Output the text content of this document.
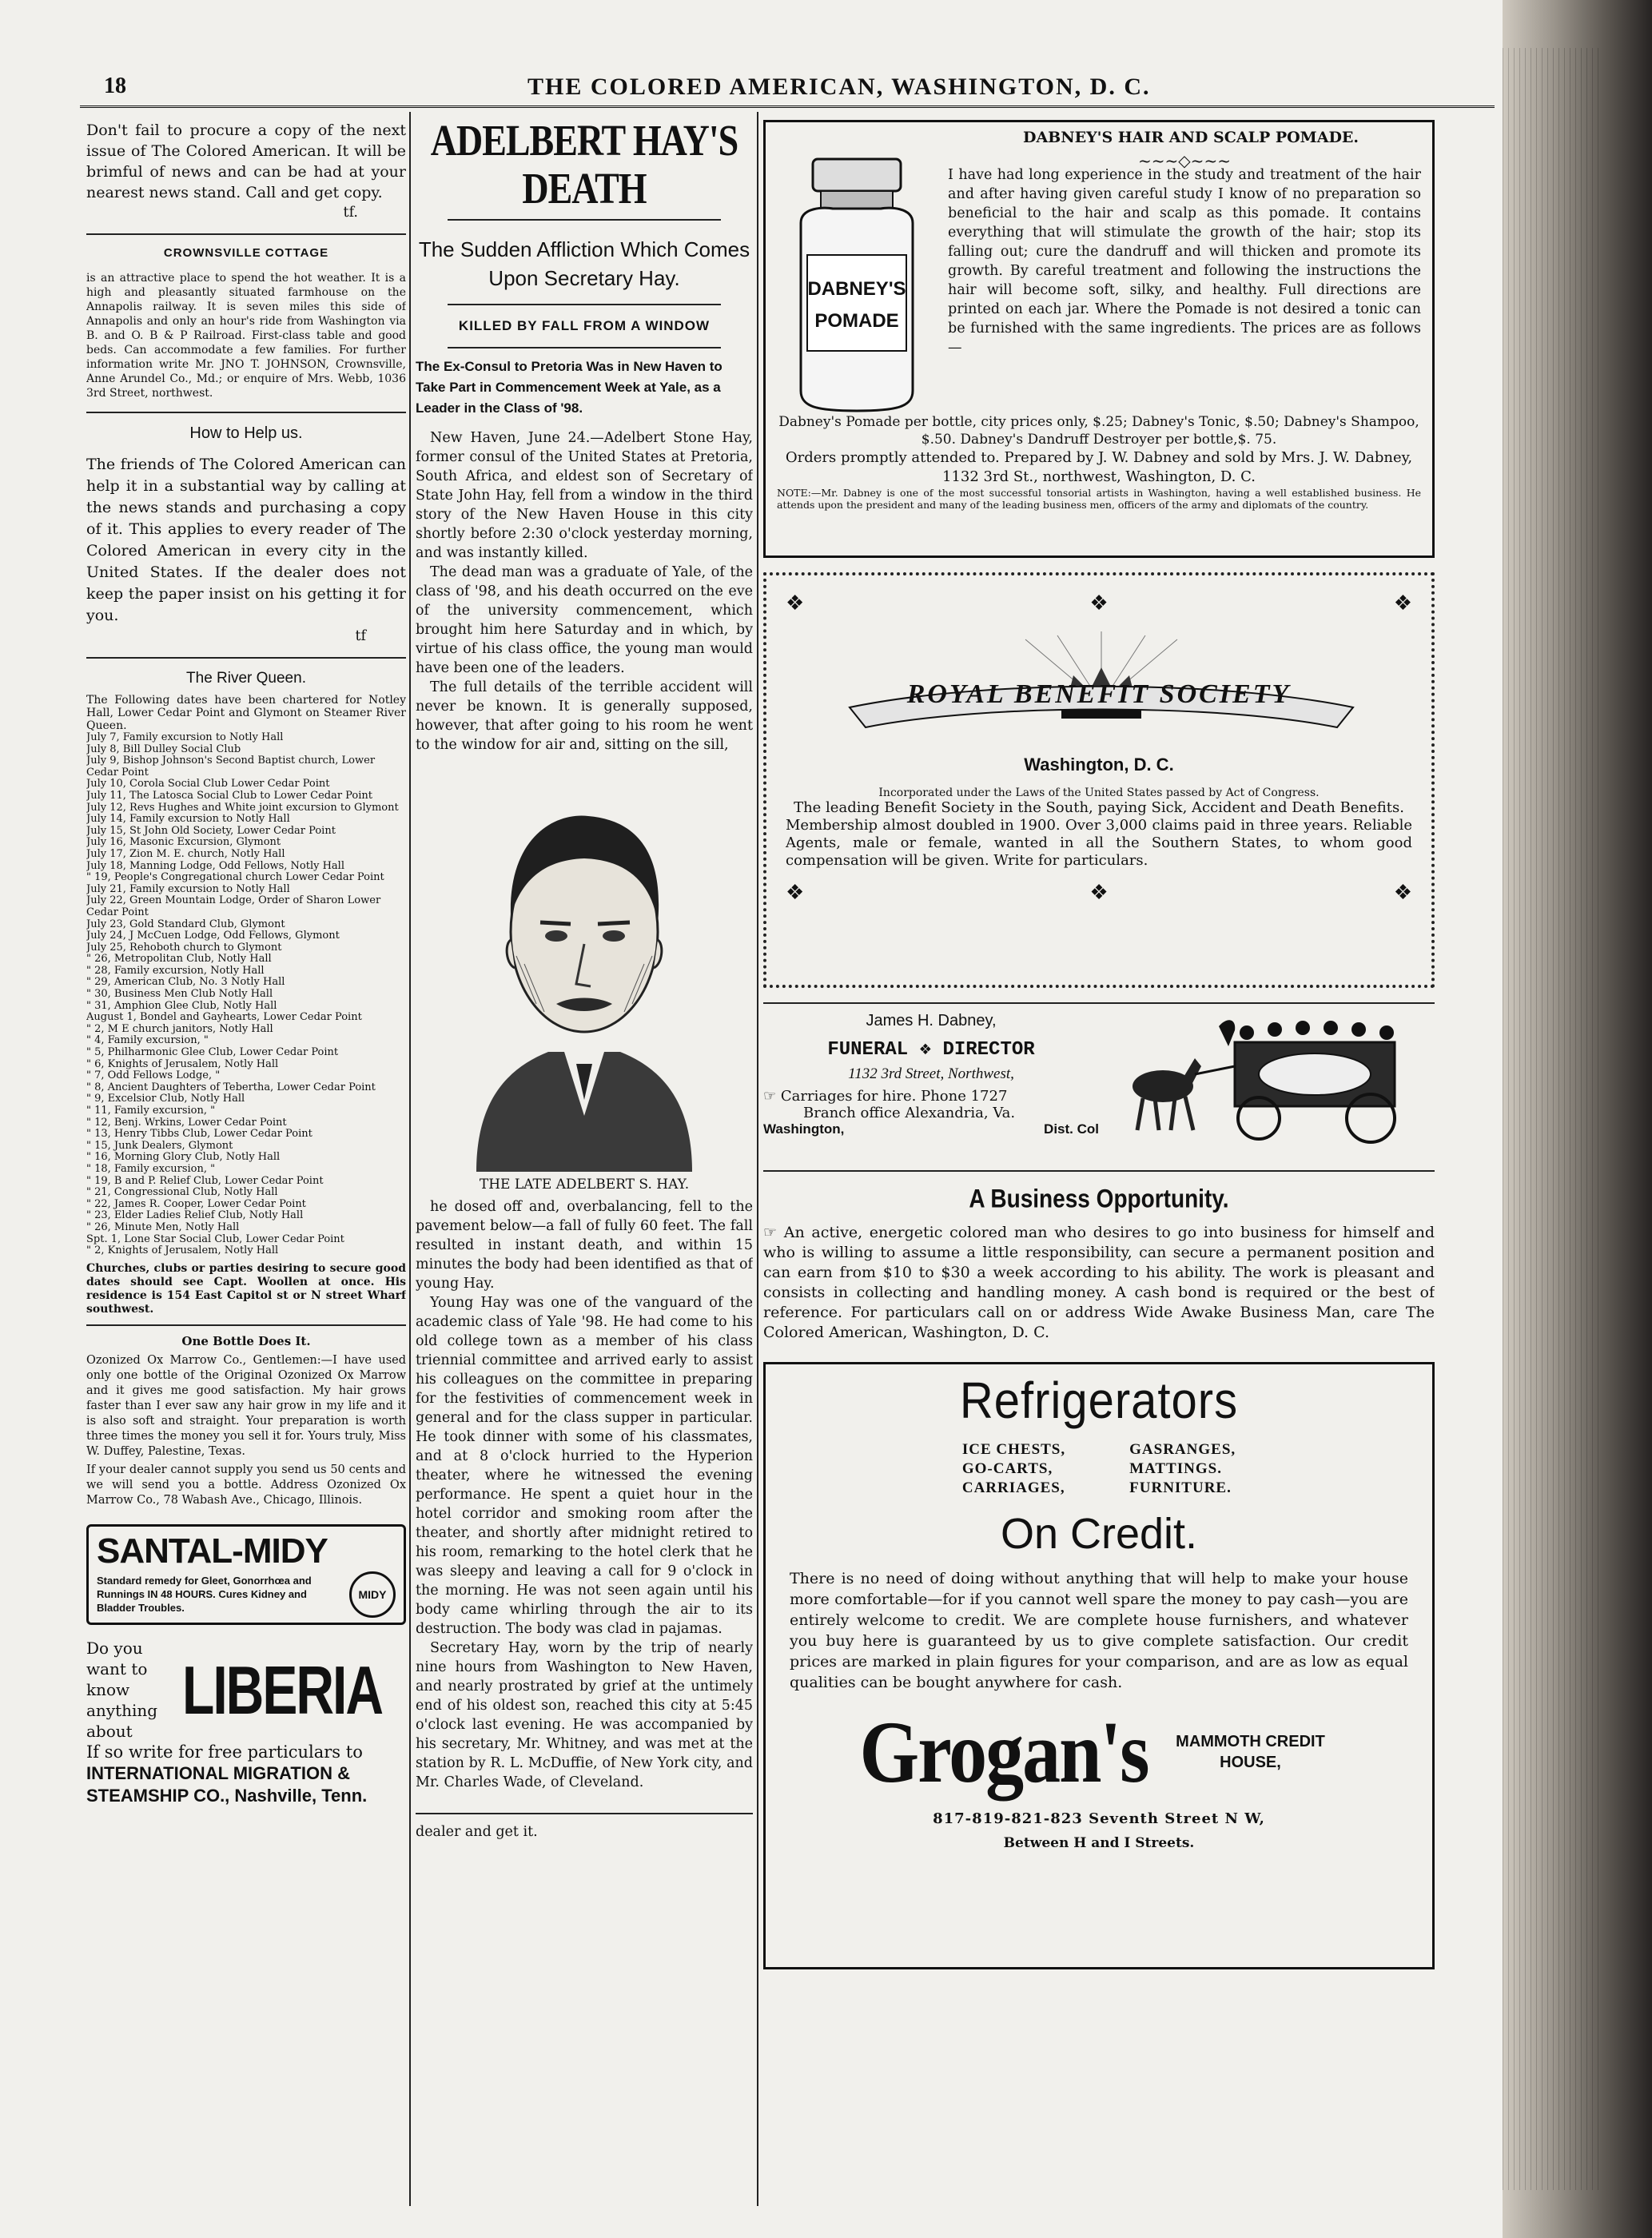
18	THE COLORED AMERICAN, WASHINGTON, D. C.

Don't fail to procure a copy of the next issue of The Colored American. It will be brimful of news and can be had at your nearest news stand. Call and get copy.

tf.

CROWNSVILLE COTTAGE

is an attractive place to spend the hot weather. It is a high and pleasantly situated farmhouse on the Annapolis railway. It is seven miles this side of Annapolis and only an hour's ride from Washington via B. and O. B & P Railroad. First-class table and good beds. Can accommodate a few families. For further information write Mr. JNO T. JOHNSON, Crownsville, Anne Arundel Co., Md.; or enquire of Mrs. Webb, 1036 3rd Street, northwest.

How to Help us.

The friends of The Colored American can help it in a substantial way by calling at the news stands and purchasing a copy of it. This applies to every reader of The Colored American in every city in the United States. If the dealer does not keep the paper insist on his getting it for you.

tf

The River Queen.

The Following dates have been chartered for Notley Hall, Lower Cedar Point and Glymont on Steamer River Queen.

July 7, Family excursion to Notly Hall

July 8, Bill Dulley Social Club

July 9, Bishop Johnson's Second Baptist church, Lower Cedar Point

July 10, Corola Social Club Lower Cedar Point

July 11, The Latosca Social Club to Lower Cedar Point

July 12, Revs Hughes and White joint excursion to Glymont

July 14, Family excursion to Notly Hall

July 15, St John Old Society, Lower Cedar Point

July 16, Masonic Excursion, Glymont

July 17, Zion M. E. church, Notly Hall

July 18, Manning Lodge, Odd Fellows, Notly Hall

" 19, People's Congregational church Lower Cedar Point

July 21, Family excursion to Notly Hall

July 22, Green Mountain Lodge, Order of Sharon Lower Cedar Point

July 23, Gold Standard Club, Glymont

July 24, J McCuen Lodge, Odd Fellows, Glymont

July 25, Rehoboth church to Glymont

" 26, Metropolitan Club, Notly Hall

" 28, Family excursion, Notly Hall

" 29, American Club, No. 3 Notly Hall

" 30, Business Men Club Notly Hall

" 31, Amphion Glee Club, Notly Hall

August 1, Bondel and Gayhearts, Lower Cedar Point

" 2, M E church janitors, Notly Hall

" 4, Family excursion, "

" 5, Philharmonic Glee Club, Lower Cedar Point

" 6, Knights of Jerusalem, Notly Hall

" 7, Odd Fellows Lodge, "

" 8, Ancient Daughters of Tebertha, Lower Cedar Point

" 9, Excelsior Club, Notly Hall

" 11, Family excursion, "

" 12, Benj. Wrkins, Lower Cedar Point

" 13, Henry Tibbs Club, Lower Cedar Point

" 15, Junk Dealers, Glymont

" 16, Morning Glory Club, Notly Hall

" 18, Family excursion, "

" 19, B and P. Relief Club, Lower Cedar Point

" 21, Congressional Club, Notly Hall

" 22, James R. Cooper, Lower Cedar Point

" 23, Elder Ladies Relief Club, Notly Hall

" 26, Minute Men, Notly Hall

Spt. 1, Lone Star Social Club, Lower Cedar Point

" 2, Knights of Jerusalem, Notly Hall

Churches, clubs or parties desiring to secure good dates should see Capt. Woollen at once. His residence is 154 East Capitol st or N street Wharf southwest.

One Bottle Does It.

Ozonized Ox Marrow Co., Gentlemen:—I have used only one bottle of the Original Ozonized Ox Marrow and it gives me good satisfaction. My hair grows faster than I ever saw any hair grow in my life and it is also soft and straight. Your preparation is worth three times the money you sell it for. Yours truly, Miss W. Duffey, Palestine, Texas.

If your dealer cannot supply you send us 50 cents and we will send you a bottle. Address Ozonized Ox Marrow Co., 78 Wabash Ave., Chicago, Illinois.

SANTAL-MIDY

Standard remedy for Gleet, Gonorrhœa and Runnings IN 48 HOURS. Cures Kidney and Bladder Troubles.

MIDY

Do you want to know anything about

LIBERIA

If so write for free particulars to

INTERNATIONAL MIGRATION & STEAMSHIP CO., Nashville, Tenn.

ADELBERT HAY'S DEATH
The Sudden Affliction Which Comes Upon Secretary Hay.
KILLED BY FALL FROM A WINDOW

The Ex-Consul to Pretoria Was in New Haven to Take Part in Commencement Week at Yale, as a Leader in the Class of '98.

New Haven, June 24.—Adelbert Stone Hay, former consul of the United States at Pretoria, South Africa, and eldest son of Secretary of State John Hay, fell from a window in the third story of the New Haven House in this city shortly before 2:30 o'clock yesterday morning, and was instantly killed.

The dead man was a graduate of Yale, of the class of '98, and his death occurred on the eve of the university commencement, which brought him here Saturday and in which, by virtue of his class office, the young man would have been one of the leaders.

The full details of the terrible accident will never be known. It is generally supposed, however, that after going to his room he went to the window for air and, sitting on the sill,

THE LATE ADELBERT S. HAY.

he dosed off and, overbalancing, fell to the pavement below—a fall of fully 60 feet. The fall resulted in instant death, and within 15 minutes the body had been identified as that of young Hay.

Young Hay was one of the vanguard of the academic class of Yale '98. He had come to his old college town as a member of his class triennial committee and arrived early to assist his colleagues on the committee in preparing for the festivities of commencement week in general and for the class supper in particular. He took dinner with some of his classmates, and at 8 o'clock hurried to the Hyperion theater, where he witnessed the evening performance. He spent a quiet hour in the hotel corridor and smoking room after the theater, and shortly after midnight retired to his room, remarking to the hotel clerk that he was sleepy and leaving a call for 9 o'clock in the morning. He was not seen again until his body came whirling through the air to its destruction. The body was clad in pajamas.

Secretary Hay, worn by the trip of nearly nine hours from Washington to New Haven, and nearly prostrated by grief at the untimely end of his oldest son, reached this city at 5:45 o'clock last evening. He was accompanied by his secretary, Mr. Whitney, and was met at the station by R. L. McDuffie, of New York city, and Mr. Charles Wade, of Cleveland.

dealer and get it.

DABNEY'S HAIR AND SCALP POMADE.
DABNEY'S
POMADE
~~~◇~~~

I have had long experience in the study and treatment of the hair and after having given careful study I know of no preparation so beneficial to the hair and scalp as this pomade. It contains everything that will stimulate the growth of the hair; stop its falling out; cure the dandruff and will thicken and promote its growth. By careful treatment and following the instructions the hair will become soft, silky, and healthy. Full directions are printed on each jar. Where the Pomade is not desired a tonic can be furnished with the same ingredients. The prices are as follows—

Dabney's Pomade per bottle, city prices only, $.25; Dabney's Tonic, $.50; Dabney's Shampoo, $.50. Dabney's Dandruff Destroyer per bottle,$. 75.

Orders promptly attended to. Prepared by J. W. Dabney and sold by Mrs. J. W. Dabney, 1132 3rd St., northwest, Washington, D. C.

NOTE:—Mr. Dabney is one of the most successful tonsorial artists in Washington, having a well established business. He attends upon the president and many of the leading business men, officers of the army and diplomats of the country.

❖	❖	❖
ROYAL BENEFIT SOCIETY
Washington, D. C.

Incorporated under the Laws of the United States passed by Act of Congress.

The leading Benefit Society in the South, paying Sick, Accident and Death Benefits.

Membership almost doubled in 1900. Over 3,000 claims paid in three years. Reliable Agents, male or female, wanted in all the Southern States, to whom good compensation will be given. Write for particulars.

❖	❖	❖
James H. Dabney,
FUNERAL ❖ DIRECTOR
1132 3rd Street, Northwest,
☞ Carriages for hire. Phone 1727
Branch office Alexandria, Va.
Washington,	Dist. Col
A Business Opportunity.

☞ An active, energetic colored man who desires to go into business for himself and who is willing to assume a little responsibility, can secure a permanent position and can earn from $10 to $30 a week according to his ability. The work is pleasant and consists in collecting and handling money. A cash bond is required or the best of reference. For particulars call on or address Wide Awake Business Man, care The Colored American, Washington, D. C.

Refrigerators

ICE CHESTS,

GO-CARTS,

CARRIAGES,

GASRANGES,

MATTINGS.

FURNITURE.

On Credit.

There is no need of doing without anything that will help to make your house more comfortable—for if you cannot well spare the money to pay cash—you are entirely welcome to credit. We are complete house furnishers, and whatever you buy here is guaranteed by us to give complete satisfaction. Our credit prices are marked in plain figures for your comparison, and are as low as equal qualities can be bought anywhere for cash.

Grogan's	MAMMOTH CREDIT HOUSE,
817-819-821-823 Seventh Street N W,
Between H and I Streets.
